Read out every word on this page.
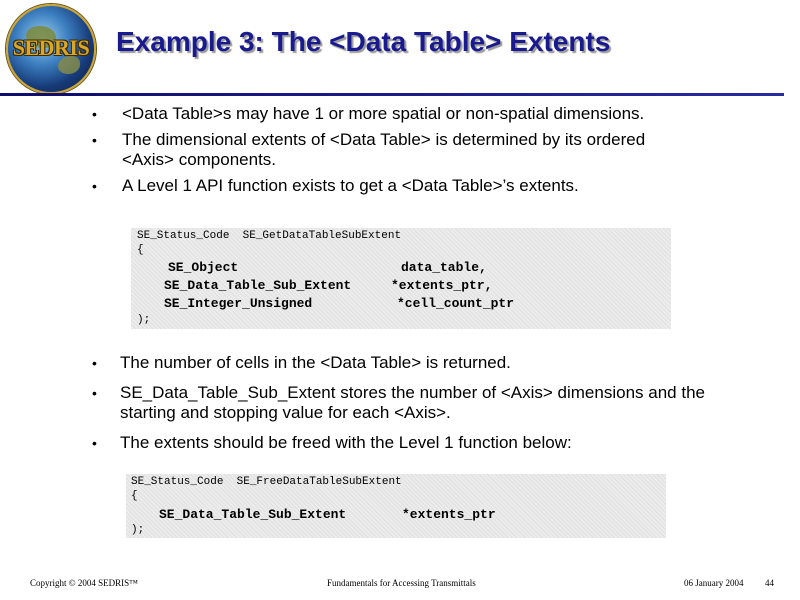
SEDRIS Example 3: The <Data Table> Extents
• <Data Table>s may have 1 or more spatial or non-spatial dimensions.
• The dimensional extents of <Data Table> is determined by its ordered <Axis> components.
• A Level 1 API function exists to get a <Data Table>’s extents.
SE_Status_Code  SE_GetDataTableSubExtent
{
SE_Object	data_table,
SE_Data_Table_Sub_Extent	*extents_ptr,
SE_Integer_Unsigned	*cell_count_ptr
);
• The number of cells in the <Data Table> is returned.
• SE_Data_Table_Sub_Extent stores the number of <Axis> dimensions and the starting and stopping value for each <Axis>.
• The extents should be freed with the Level 1 function below:
SE_Status_Code  SE_FreeDataTableSubExtent
{
SE_Data_Table_Sub_Extent	*extents_ptr
);
Copyright © 2004 SEDRIS™	Fundamentals for Accessing Transmittals	06 January 2004 44
